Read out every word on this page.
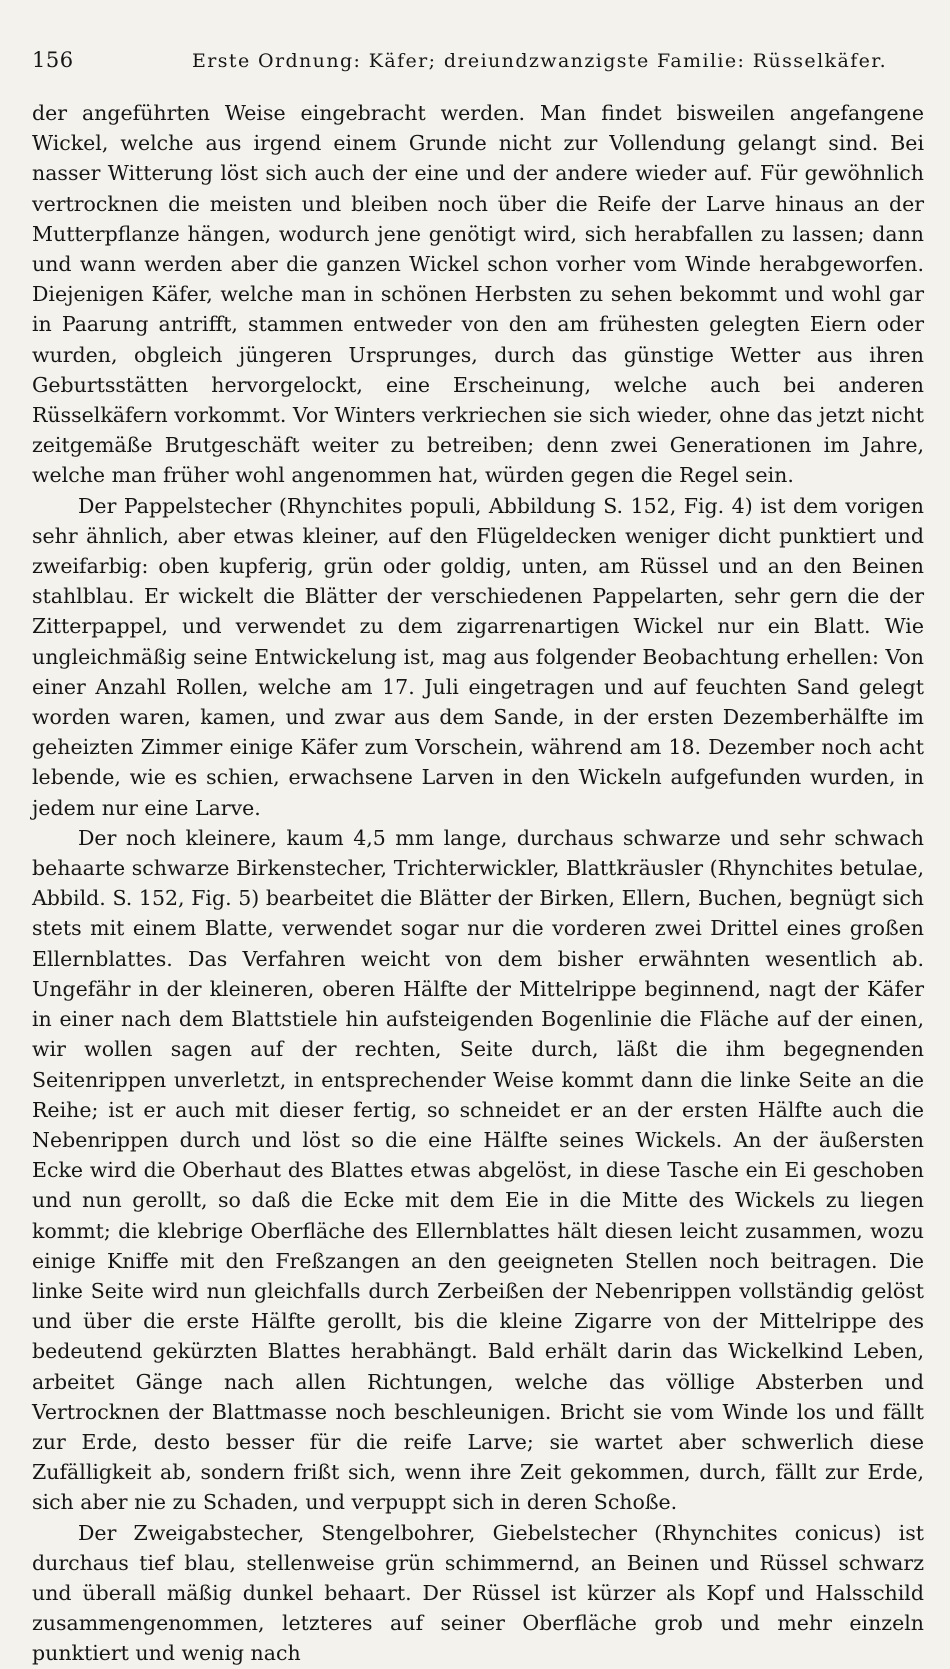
156	Erste Ordnung: Käfer; dreiundzwanzigste Familie: Rüsselkäfer.

der angeführten Weise eingebracht werden. Man findet bisweilen angefangene Wickel, welche aus irgend einem Grunde nicht zur Vollendung gelangt sind. Bei nasser Witterung löst sich auch der eine und der andere wieder auf. Für gewöhnlich vertrocknen die meisten und bleiben noch über die Reife der Larve hinaus an der Mutterpflanze hängen, wodurch jene genötigt wird, sich herabfallen zu lassen; dann und wann werden aber die ganzen Wickel schon vorher vom Winde herabgeworfen. Diejenigen Käfer, welche man in schönen Herbsten zu sehen bekommt und wohl gar in Paarung antrifft, stammen entweder von den am frühesten gelegten Eiern oder wurden, obgleich jüngeren Ursprunges, durch das günstige Wetter aus ihren Geburtsstätten hervorgelockt, eine Erscheinung, welche auch bei anderen Rüsselkäfern vorkommt. Vor Winters verkriechen sie sich wieder, ohne das jetzt nicht zeitgemäße Brutgeschäft weiter zu betreiben; denn zwei Generationen im Jahre, welche man früher wohl angenommen hat, würden gegen die Regel sein.

Der Pappelstecher (Rhynchites populi, Abbildung S. 152, Fig. 4) ist dem vorigen sehr ähnlich, aber etwas kleiner, auf den Flügeldecken weniger dicht punktiert und zweifarbig: oben kupferig, grün oder goldig, unten, am Rüssel und an den Beinen stahlblau. Er wickelt die Blätter der verschiedenen Pappelarten, sehr gern die der Zitterpappel, und verwendet zu dem zigarrenartigen Wickel nur ein Blatt. Wie ungleichmäßig seine Entwickelung ist, mag aus folgender Beobachtung erhellen: Von einer Anzahl Rollen, welche am 17. Juli eingetragen und auf feuchten Sand gelegt worden waren, kamen, und zwar aus dem Sande, in der ersten Dezemberhälfte im geheizten Zimmer einige Käfer zum Vorschein, während am 18. Dezember noch acht lebende, wie es schien, erwachsene Larven in den Wickeln aufgefunden wurden, in jedem nur eine Larve.

Der noch kleinere, kaum 4,5 mm lange, durchaus schwarze und sehr schwach behaarte schwarze Birkenstecher, Trichterwickler, Blattkräusler (Rhynchites betulae, Abbild. S. 152, Fig. 5) bearbeitet die Blätter der Birken, Ellern, Buchen, begnügt sich stets mit einem Blatte, verwendet sogar nur die vorderen zwei Drittel eines großen Ellernblattes. Das Verfahren weicht von dem bisher erwähnten wesentlich ab. Ungefähr in der kleineren, oberen Hälfte der Mittelrippe beginnend, nagt der Käfer in einer nach dem Blattstiele hin aufsteigenden Bogenlinie die Fläche auf der einen, wir wollen sagen auf der rechten, Seite durch, läßt die ihm begegnenden Seitenrippen unverletzt, in entsprechender Weise kommt dann die linke Seite an die Reihe; ist er auch mit dieser fertig, so schneidet er an der ersten Hälfte auch die Nebenrippen durch und löst so die eine Hälfte seines Wickels. An der äußersten Ecke wird die Oberhaut des Blattes etwas abgelöst, in diese Tasche ein Ei geschoben und nun gerollt, so daß die Ecke mit dem Eie in die Mitte des Wickels zu liegen kommt; die klebrige Oberfläche des Ellernblattes hält diesen leicht zusammen, wozu einige Kniffe mit den Freßzangen an den geeigneten Stellen noch beitragen. Die linke Seite wird nun gleichfalls durch Zerbeißen der Nebenrippen vollständig gelöst und über die erste Hälfte gerollt, bis die kleine Zigarre von der Mittelrippe des bedeutend gekürzten Blattes herabhängt. Bald erhält darin das Wickelkind Leben, arbeitet Gänge nach allen Richtungen, welche das völlige Absterben und Vertrocknen der Blattmasse noch beschleunigen. Bricht sie vom Winde los und fällt zur Erde, desto besser für die reife Larve; sie wartet aber schwerlich diese Zufälligkeit ab, sondern frißt sich, wenn ihre Zeit gekommen, durch, fällt zur Erde, sich aber nie zu Schaden, und verpuppt sich in deren Schoße.

Der Zweigabstecher, Stengelbohrer, Giebelstecher (Rhynchites conicus) ist durchaus tief blau, stellenweise grün schimmernd, an Beinen und Rüssel schwarz und überall mäßig dunkel behaart. Der Rüssel ist kürzer als Kopf und Halsschild zusammengenommen, letzteres auf seiner Oberfläche grob und mehr einzeln punktiert und wenig nach
